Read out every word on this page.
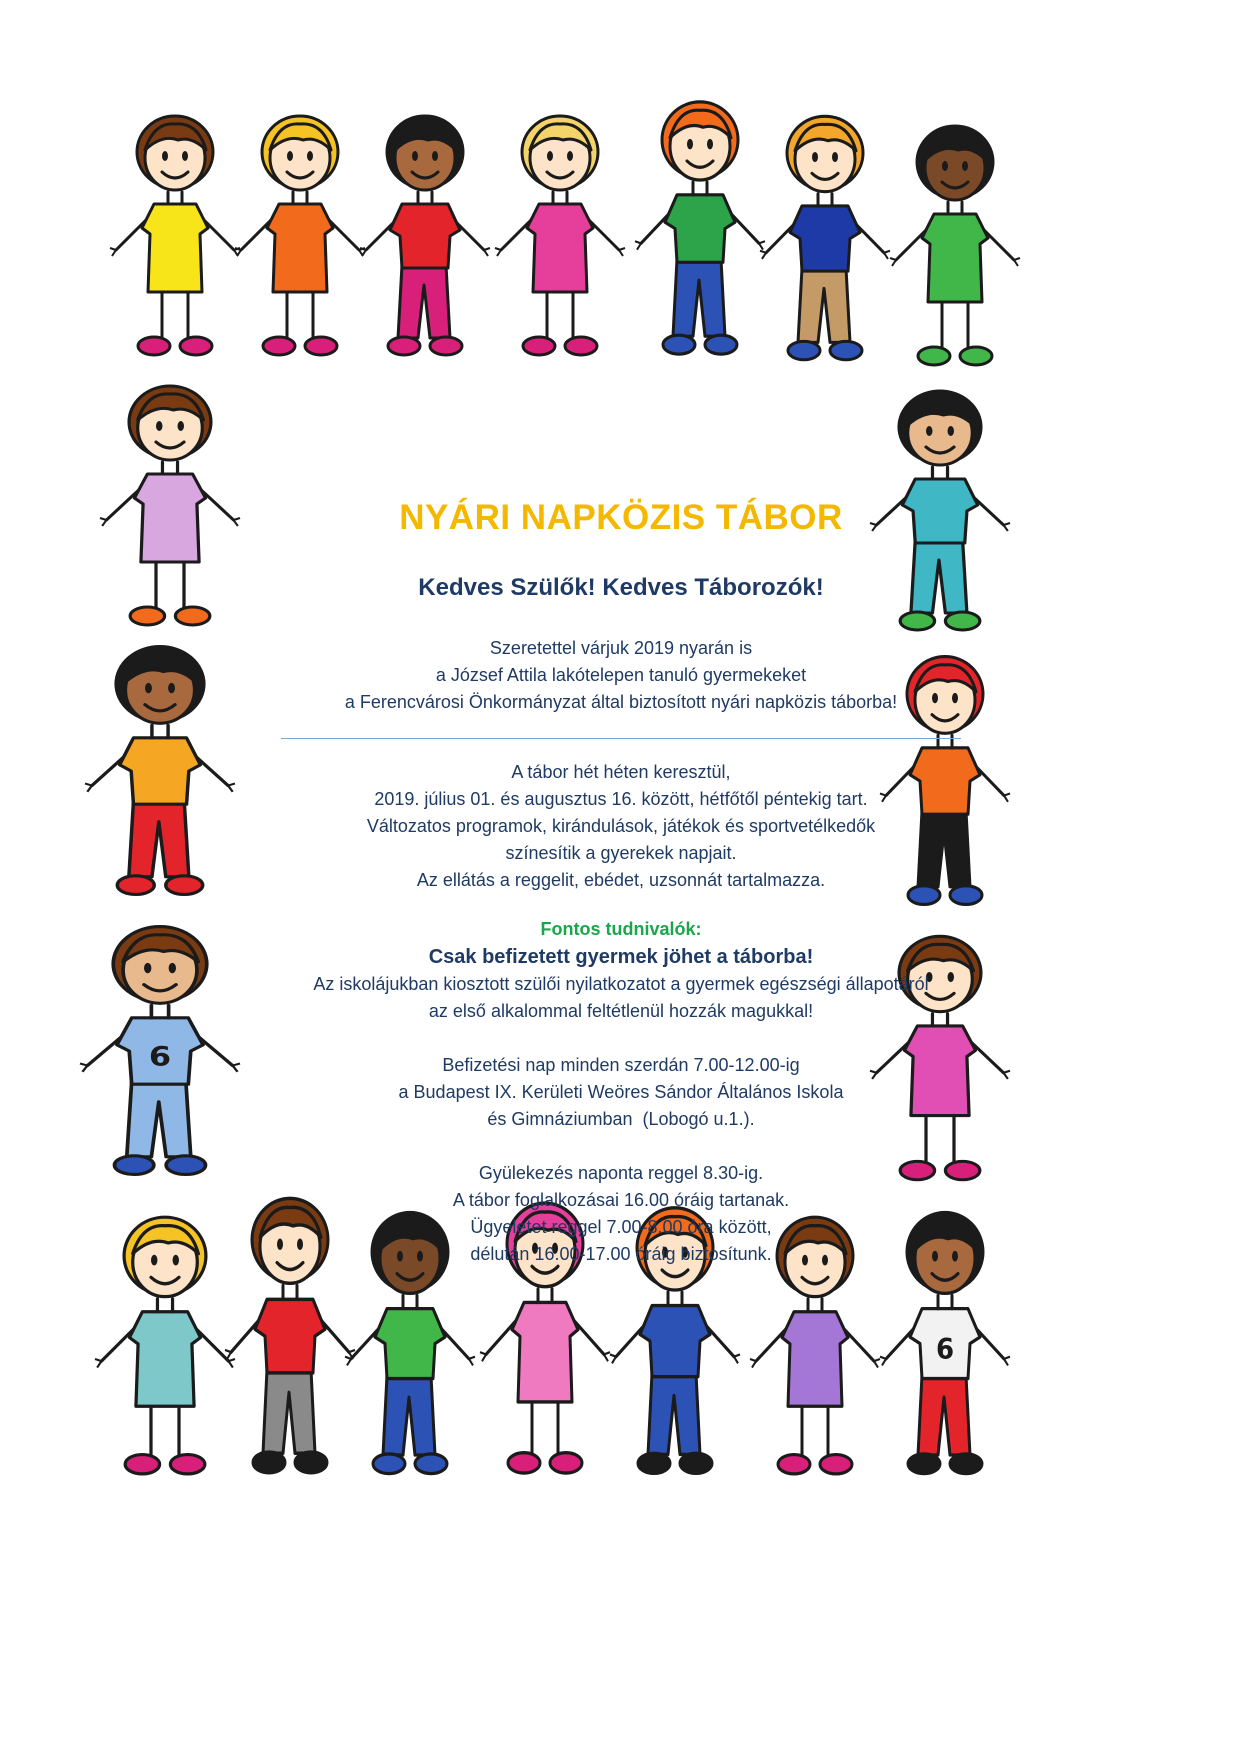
6
6
NYÁRI NAPKÖZIS TÁBOR
Kedves Szülők! Kedves Táborozók!
Szeretettel várjuk 2019 nyarán is
a József Attila lakótelepen tanuló gyermekeket
a Ferencvárosi Önkormányzat által biztosított nyári napközis táborba!
A tábor hét héten keresztül,
2019. július 01. és augusztus 16. között, hétfőtől péntekig tart.
Változatos programok, kirándulások, játékok és sportvetélkedők
színesítik a gyerekek napjait.
Az ellátás a reggelit, ebédet, uzsonnát tartalmazza.
Fontos tudnivalók:
Csak befizetett gyermek jöhet a táborba!
Az iskolájukban kiosztott szülői nyilatkozatot a gyermek egészségi állapotáról
az első alkalommal feltétlenül hozzák magukkal!
Befizetési nap minden szerdán 7.00-12.00-ig
a Budapest IX. Kerületi Weöres Sándor Általános Iskola
és Gimnáziumban  (Lobogó u.1.).
Gyülekezés naponta reggel 8.30-ig.
A tábor foglalkozásai 16.00 óráig tartanak.
Ügyeletet reggel 7.00-8.00 óra között,
délután 16.00-17.00 óráig biztosítunk.
